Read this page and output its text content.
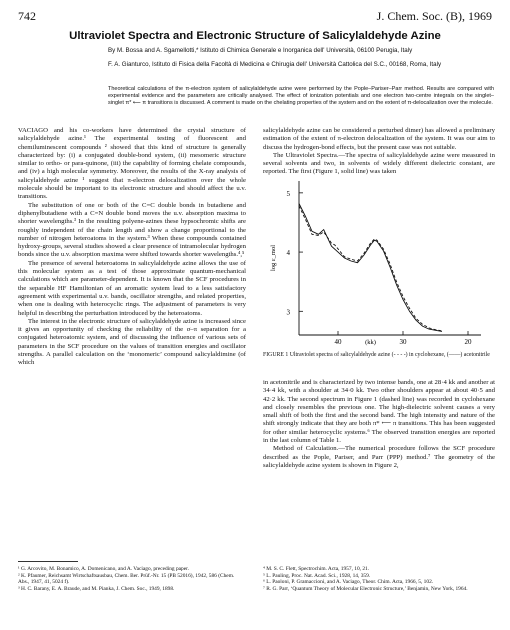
742	J. Chem. Soc. (B), 1969
Ultraviolet Spectra and Electronic Structure of Salicylaldehyde Azine
By M. Bossa and A. Sgamellotti,* Istituto di Chimica Generale e Inorganica dell' Università, 06100 Perugia, Italy
F. A. Gianturco, Istituto di Fisica della Facoltà di Medicina e Chirugia dell' Università Cattolica del S.C., 00168, Roma, Italy
Theoretical calculations of the π-electron system of salicylaldehyde azine were performed by the Pople–Pariser–Parr method. Results are compared with experimental evidence and the parameters are critically analysed. The effect of ionization potentials and one electron two-centre integrals on the singlet–singlet π* ⟵ π transitions is discussed. A comment is made on the chelating properties of the system and on the extent of π-delocalization over the molecule.

VACIAGO and his co-workers have determined the crystal structure of salicylaldehyde azine.¹ The experimental testing of fluorescent and chemiluminescent compounds ² showed that this kind of structure is generally characterized by: (i) a conjugated double-bond system, (ii) mesomeric structure similar to ortho- or para-quinone, (iii) the capability of forming chelate compounds, and (iv) a high molecular symmetry. Moreover, the results of the X-ray analysis of salicylaldehyde azine ¹ suggest that π-electron delocalization over the whole molecule should be important to its electronic structure and should affect the u.v. transitions.

The substitution of one or both of the C=C double bonds in butadiene and diphenylbutadiene with a C=N double bond moves the u.v. absorption maxima to shorter wavelengths.³ In the resulting polyene-azines these hypsochromic shifts are roughly independent of the chain length and show a change proportional to the number of nitrogen heteroatoms in the system.³ When these compounds contained hydroxy-groups, several studies showed a clear presence of intramolecular hydrogen bonds since the u.v. absorption maxima were shifted towards shorter wavelengths.⁴,⁵

The presence of several heteroatoms in salicylaldehyde azine allows the use of this molecular system as a test of those approximate quantum-mechanical calculations which are parameter-dependent. It is known that the SCF procedures in the separable HF Hamiltonian of an aromatic system lead to a less satisfactory agreement with experimental u.v. bands, oscillator strengths, and related properties, when one is dealing with heterocyclic rings. The adjustment of parameters is very helpful in describing the perturbation introduced by the heteroatoms.

The interest in the electronic structure of salicylaldehyde azine is increased since it gives an opportunity of checking the reliability of the σ–π separation for a conjugated heteroatomic system, and of discussing the influence of various sets of parameters in the SCF procedure on the values of transition energies and oscillator strengths. A parallel calculation on the ‘monomeric’ compound salicylaldimine (of which

salicylaldehyde azine can be considered a perturbed dimer) has allowed a preliminary estimation of the extent of π-electron delocalization of the system. It was our aim to discuss the hydrogen-bond effects, but the present case was not suitable.

The Ultraviolet Spectra.—The spectra of salicylaldehyde azine were measured in several solvents and two, in solvents of widely different dielectric constant, are reported. The first (Figure 1, solid line) was taken

5
4
3
40	30	20
log ε_mol
(kk)
FIGURE 1 Ultraviolet spectra of salicylaldehyde azine (- - - -) in cyclohexane, (——) acetonitrile

in acetonitrile and is characterized by two intense bands, one at 28·4 kk and another at 34·4 kk, with a shoulder at 34·0 kk. Two other shoulders appear at about 40·5 and 42·2 kk. The second spectrum in Figure 1 (dashed line) was recorded in cyclohexane and closely resembles the previous one. The high-dielectric solvent causes a very small shift of both the first and the second band. The high intensity and nature of the shift strongly indicate that they are both π* ⟵ π transitions. This has been suggested for other similar heterocyclic systems.⁶ The observed transition energies are reported in the last column of Table 1.

Method of Calculation.—The numerical procedure follows the SCF procedure described as the Pople, Pariser, and Parr (PPP) method.⁷ The geometry of the salicylaldehyde azine system is shown in Figure 2,

¹ G. Arcovito, M. Bonamico, A. Domenicano, and A. Vaciago, preceding paper.
² K. Pfaumer, Reichsamt Wirtschaftsausbau, Chem. Ber. Prüf.-Nr. 15 (PB 52016), 1942, 586 (Chem. Abs., 1947, 41, 5024 f).
³ H. C. Barany, E. A. Braude, and M. Pianka, J. Chem. Soc., 1949, 1898.
⁴ M. S. C. Flett, Spectrochim. Acta, 1957, 10, 21.
⁵ L. Pauling, Proc. Nat. Acad. Sci., 1928, 14, 359.
⁶ L. Paoloni, P. Gramaccioni, and A. Vaciago, Theor. Chim. Acta, 1966, 5, 102.
⁷ R. G. Parr, ‘Quantum Theory of Molecular Electronic Structure,’ Benjamin, New York, 1964.
